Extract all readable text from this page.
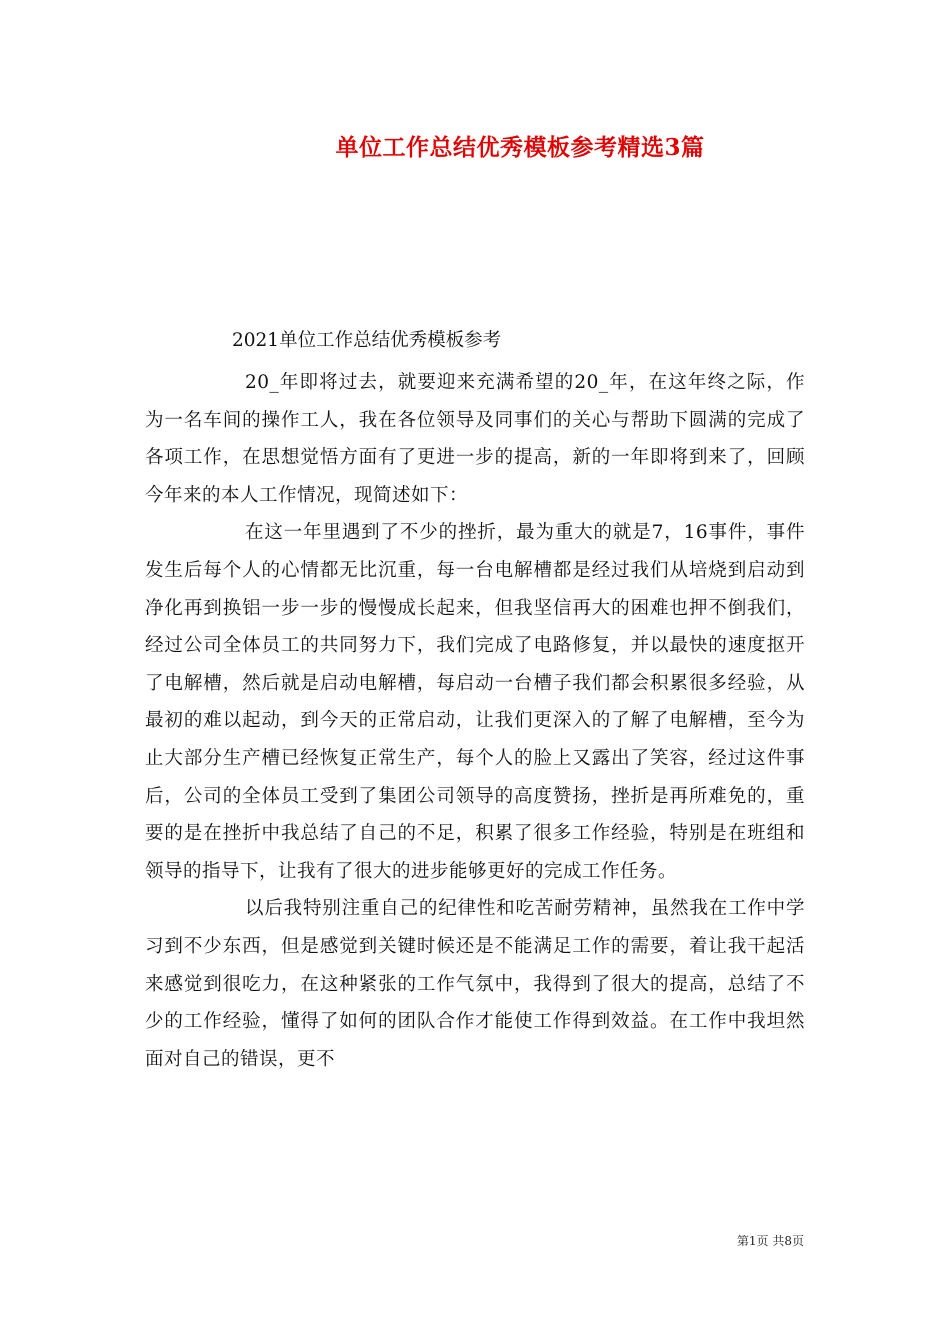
单位工作总结优秀模板参考精选3篇
2021单位工作总结优秀模板参考

20_年即将过去，就要迎来充满希望的20_年，在这年终之际，作为一名车间的操作工人，我在各位领导及同事们的关心与帮助下圆满的完成了各项工作，在思想觉悟方面有了更进一步的提高，新的一年即将到来了，回顾今年来的本人工作情况，现简述如下：

在这一年里遇到了不少的挫折，最为重大的就是7，16事件，事件发生后每个人的心情都无比沉重，每一台电解槽都是经过我们从培烧到启动到净化再到换铝一步一步的慢慢成长起来，但我坚信再大的困难也押不倒我们，经过公司全体员工的共同努力下，我们完成了电路修复，并以最快的速度抠开了电解槽，然后就是启动电解槽，每启动一台槽子我们都会积累很多经验，从最初的难以起动，到今天的正常启动，让我们更深入的了解了电解槽，至今为止大部分生产槽已经恢复正常生产，每个人的脸上又露出了笑容，经过这件事后，公司的全体员工受到了集团公司领导的高度赞扬，挫折是再所难免的，重要的是在挫折中我总结了自己的不足，积累了很多工作经验，特别是在班组和领导的指导下，让我有了很大的进步能够更好的完成工作任务。

以后我特别注重自己的纪律性和吃苦耐劳精神，虽然我在工作中学习到不少东西，但是感觉到关键时候还是不能满足工作的需要，着让我干起活来感觉到很吃力，在这种紧张的工作气氛中，我得到了很大的提高，总结了不少的工作经验，懂得了如何的团队合作才能使工作得到效益。在工作中我坦然面对自己的错误，更不

第1页 共8页
